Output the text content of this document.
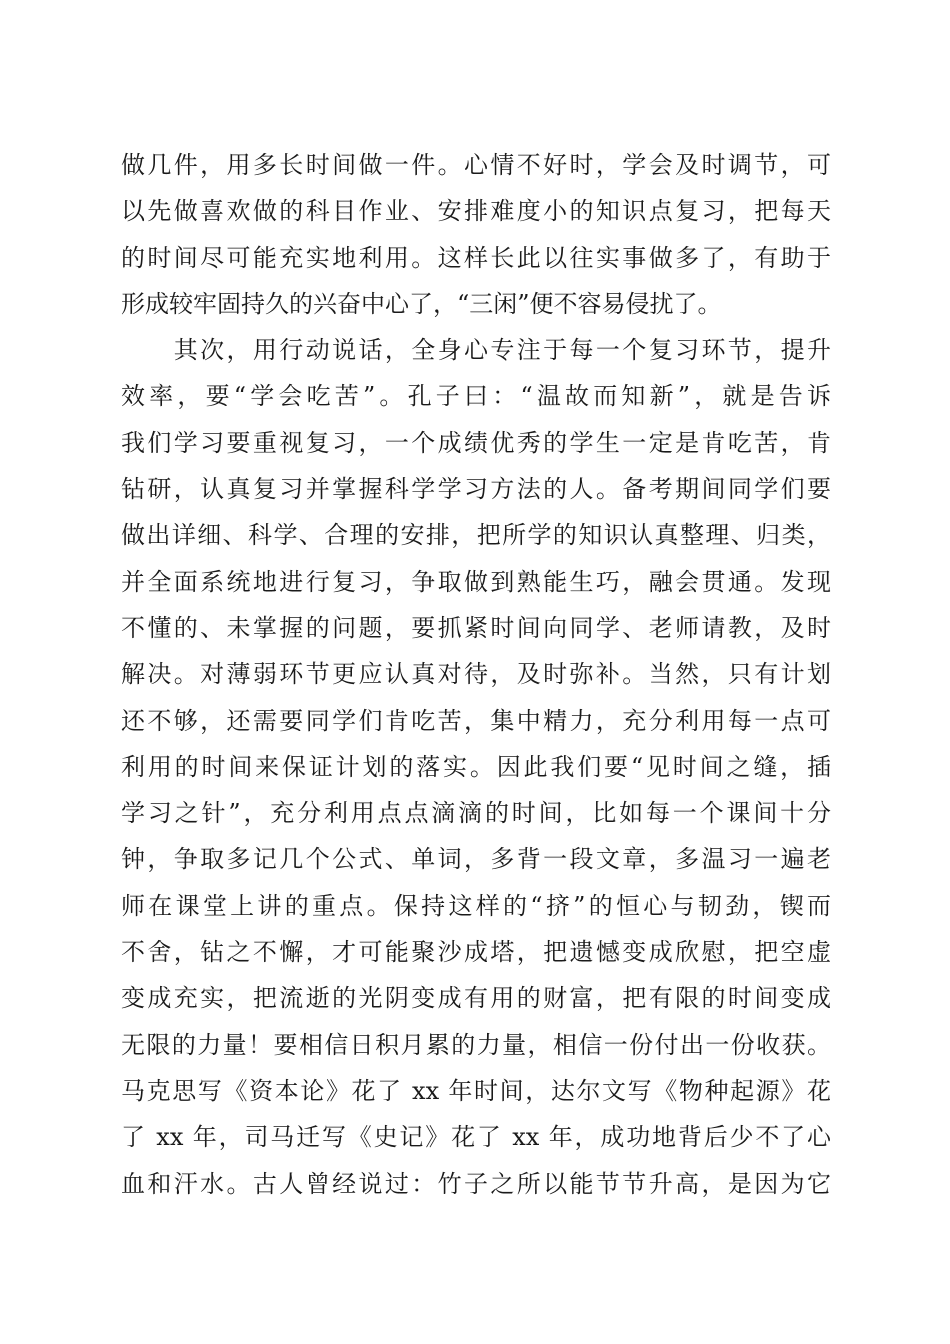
做几件，用多长时间做一件。心情不好时，学会及时调节，可
以先做喜欢做的科目作业、安排难度小的知识点复习，把每天
的时间尽可能充实地利用。这样长此以往实事做多了，有助于
形成较牢固持久的兴奋中心了，“三闲”便不容易侵扰了。
　　其次，用行动说话，全身心专注于每一个复习环节，提升
效率，要“学会吃苦”。孔子曰：“温故而知新”，就是告诉
我们学习要重视复习，一个成绩优秀的学生一定是肯吃苦，肯
钻研，认真复习并掌握科学学习方法的人。备考期间同学们要
做出详细、科学、合理的安排，把所学的知识认真整理、归类，
并全面系统地进行复习，争取做到熟能生巧，融会贯通。发现
不懂的、未掌握的问题，要抓紧时间向同学、老师请教，及时
解决。对薄弱环节更应认真对待，及时弥补。当然，只有计划
还不够，还需要同学们肯吃苦，集中精力，充分利用每一点可
利用的时间来保证计划的落实。因此我们要“见时间之缝，插
学习之针”，充分利用点点滴滴的时间，比如每一个课间十分
钟，争取多记几个公式、单词，多背一段文章，多温习一遍老
师在课堂上讲的重点。保持这样的“挤”的恒心与韧劲，锲而
不舍，钻之不懈，才可能聚沙成塔，把遗憾变成欣慰，把空虚
变成充实，把流逝的光阴变成有用的财富，把有限的时间变成
无限的力量！要相信日积月累的力量，相信一份付出一份收获。
马克思写《资本论》花了 xx 年时间，达尔文写《物种起源》花
了 xx 年，司马迁写《史记》花了 xx 年，成功地背后少不了心
血和汗水。古人曾经说过：竹子之所以能节节升高，是因为它
